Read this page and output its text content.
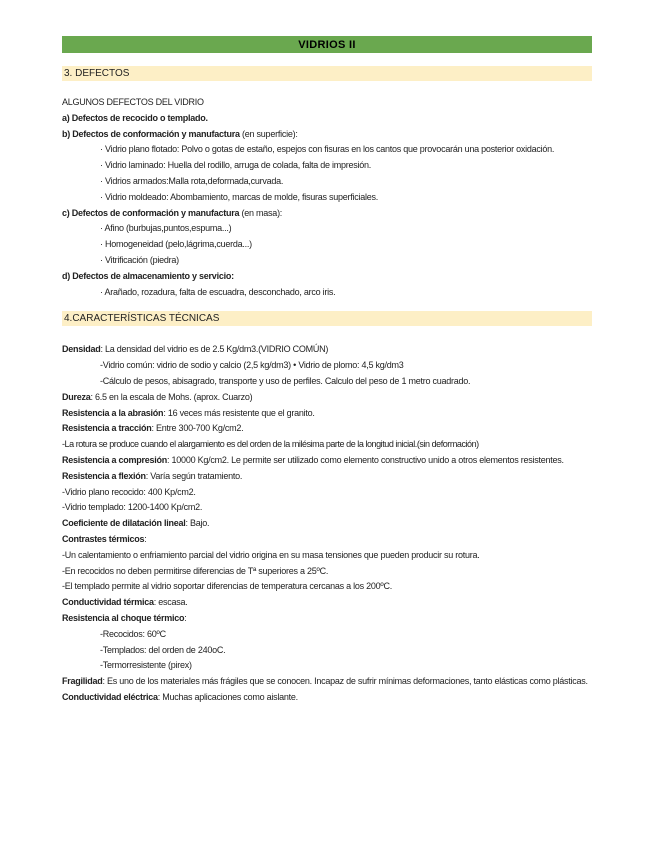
VIDRIOS II
3. DEFECTOS
ALGUNOS DEFECTOS DEL VIDRIO
a) Defectos de recocido o templado.
b) Defectos de conformación y manufactura (en superficie):
· Vidrio plano flotado: Polvo o gotas de estaño, espejos con fisuras en los cantos que provocarán una posterior oxidación.
· Vidrio laminado: Huella del rodillo, arruga de colada, falta de impresión.
· Vidrios armados:Malla rota,deformada,curvada.
· Vidrio moldeado: Abombamiento, marcas de molde, fisuras superficiales.
c) Defectos de conformación y manufactura (en masa):
· Afino (burbujas,puntos,espuma...)
· Homogeneidad (pelo,lágrima,cuerda...)
· Vitrificación (piedra)
d) Defectos de almacenamiento y servicio:
· Arañado, rozadura, falta de escuadra, desconchado, arco iris.
4.CARACTERÍSTICAS TÉCNICAS
Densidad: La densidad del vidrio es de 2.5 Kg/dm3.(VIDRIO COMÚN)
-Vidrio común: vidrio de sodio y calcio (2,5 kg/dm3) • Vidrio de plomo: 4,5 kg/dm3
-Cálculo de pesos, abisagrado, transporte y uso de perfiles. Calculo del peso de 1 metro cuadrado.
Dureza: 6.5 en la escala de Mohs. (aprox. Cuarzo)
Resistencia a la abrasión: 16 veces más resistente que el granito.
Resistencia a tracción: Entre 300-700 Kg/cm2.
-La rotura se produce cuando el alargamiento es del orden de la milésima parte de la longitud inicial.(sin deformación)
Resistencia a compresión: 10000 Kg/cm2. Le permite ser utilizado como elemento constructivo unido a otros elementos resistentes.
Resistencia a flexión: Varía según tratamiento.
-Vidrio plano recocido: 400 Kp/cm2.
-Vidrio templado: 1200-1400 Kp/cm2.
Coeficiente de dilatación lineal: Bajo.
Contrastes térmicos:
-Un calentamiento o enfriamiento parcial del vidrio origina en su masa tensiones que pueden producir su rotura.
-En recocidos no deben permitirse diferencias de Tª superiores a 25ºC.
-El templado permite al vidrio soportar diferencias de temperatura cercanas a los 200ºC.
Conductividad térmica: escasa.
Resistencia al choque térmico:
-Recocidos: 60ºC
-Templados: del orden de 240oC.
-Termorresistente (pirex)
Fragilidad: Es uno de los materiales más frágiles que se conocen. Incapaz de sufrir mínimas deformaciones, tanto elásticas como plásticas.
Conductividad eléctrica: Muchas aplicaciones como aislante.
